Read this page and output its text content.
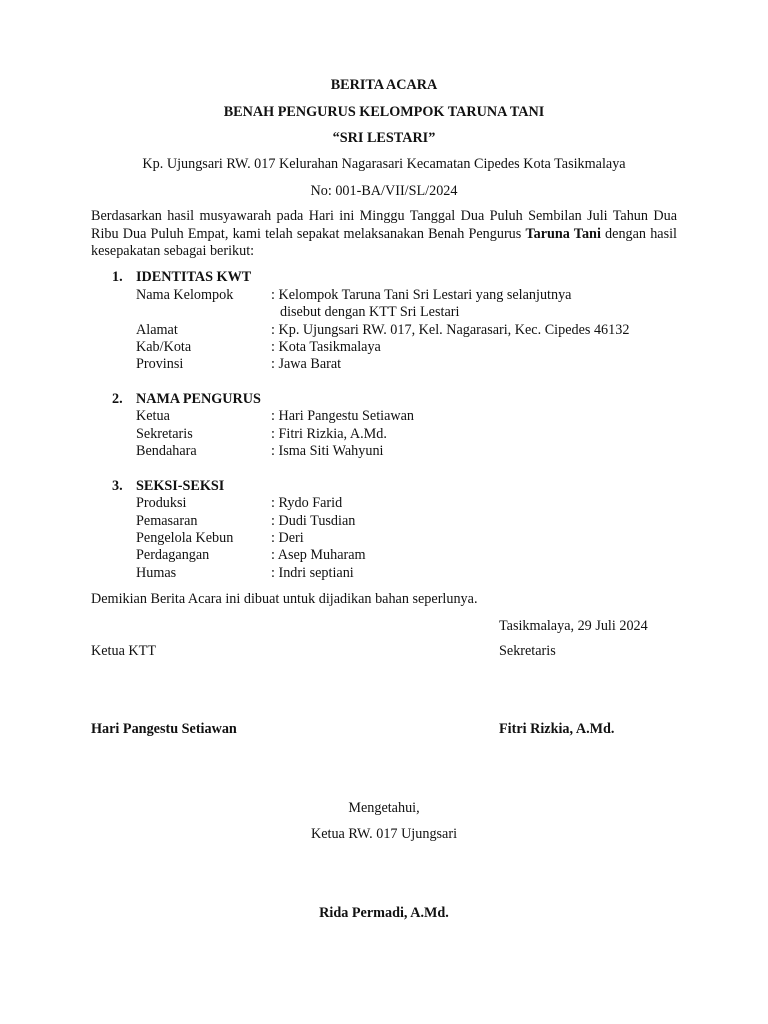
BERITA ACARA
BENAH PENGURUS KELOMPOK TARUNA TANI
“SRI LESTARI”
Kp. Ujungsari RW. 017 Kelurahan Nagarasari Kecamatan Cipedes Kota Tasikmalaya
No: 001-BA/VII/SL/2024
Berdasarkan hasil musyawarah pada Hari ini Minggu Tanggal Dua Puluh Sembilan Juli Tahun Dua Ribu Dua Puluh Empat, kami telah sepakat melaksanakan Benah Pengurus Taruna Tani dengan hasil kesepakatan sebagai berikut:
1. IDENTITAS KWT
Nama Kelompok	: Kelompok Taruna Tani Sri Lestari yang selanjutnya
disebut dengan KTT Sri Lestari
Alamat	: Kp. Ujungsari RW. 017, Kel. Nagarasari, Kec. Cipedes 46132
Kab/Kota	: Kota Tasikmalaya
Provinsi	: Jawa Barat
2. NAMA PENGURUS
Ketua	: Hari Pangestu Setiawan
Sekretaris	: Fitri Rizkia, A.Md.
Bendahara	: Isma Siti Wahyuni
3. SEKSI-SEKSI
Produksi	: Rydo Farid
Pemasaran	: Dudi Tusdian
Pengelola Kebun	: Deri
Perdagangan	: Asep Muharam
Humas	: Indri septiani
Demikian Berita Acara ini dibuat untuk dijadikan bahan seperlunya.
Tasikmalaya, 29 Juli 2024
Ketua KTT	Sekretaris
Hari Pangestu Setiawan	Fitri Rizkia, A.Md.
Mengetahui,
Ketua RW. 017 Ujungsari
Rida Permadi, A.Md.
